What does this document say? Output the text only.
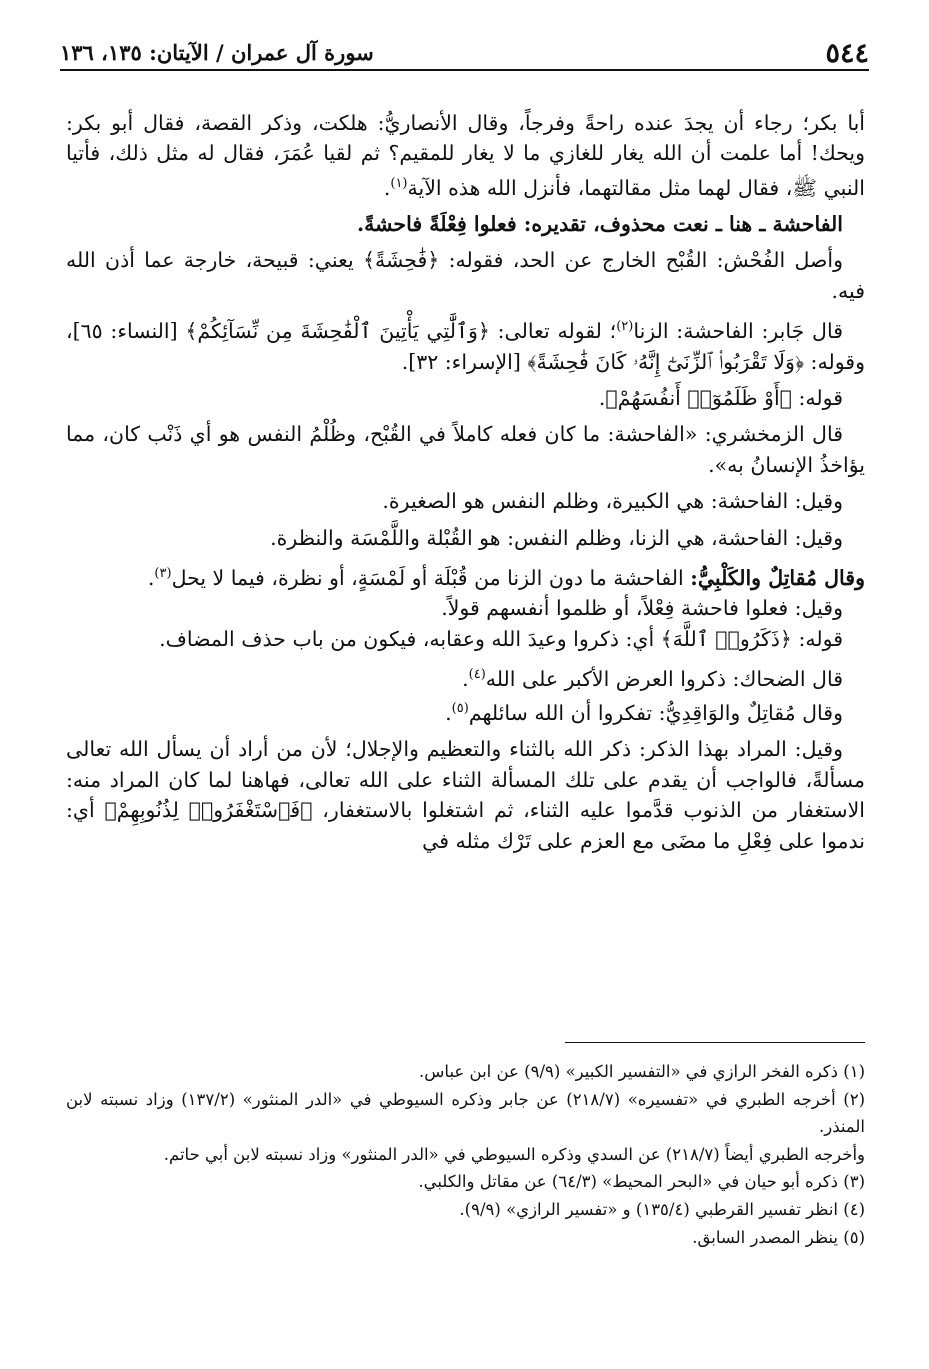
٥٤٤
سورة آل عمران / الآيتان: ١٣٥، ١٣٦

أبا بكر؛ رجاء أن يجدَ عنده راحةً وفرجاً، وقال الأنصاريُّ: هلكت، وذكر القصة، فقال أبو بكر: ويحك! أما علمت أن الله يغار للغازي ما لا يغار للمقيم؟ ثم لقيا عُمَرَ، فقال له مثل ذلك، فأتيا النبي ﷺ، فقال لهما مثل مقالتهما، فأنزل الله هذه الآية$^{(١)}$.

الفاحشة ـ هنا ـ نعت محذوف، تقديره: فعلوا فِعْلَةً فاحشةً.

وأصل الفُحْش: القُبْح الخارج عن الحد، فقوله: ﴿فَٰحِشَةً﴾ يعني: قبيحة، خارجة عما أذن الله فيه.

قال جَابر: الفاحشة: الزنا$^{(٢)}$؛ لقوله تعالى: ﴿وَٱلَّٰتِي يَأْتِينَ ٱلْفَٰحِشَةَ مِن نِّسَآئِكُمْ﴾ [النساء: ٦٥]، وقوله: ﴿وَلَا تَقْرَبُوا۟ ٱلزِّنَىٰٓ إِنَّهُۥ كَانَ فَٰحِشَةً﴾ [الإسراء: ٣٢].

قوله: ﴿أَوْ ظَلَمُوٓا۟ أَنفُسَهُمْ﴾.

قال الزمخشري: «الفاحشة: ما كان فعله كاملاً في القُبْح، وظُلْمُ النفس هو أي ذَنْب كان، مما يؤاخذُ الإنسانُ به».

وقيل: الفاحشة: هي الكبيرة، وظلم النفس هو الصغيرة.

وقيل: الفاحشة، هي الزنا، وظلم النفس: هو القُبْلة واللَّمْسَة والنظرة.

وقال مُقاتِلٌ والكَلْبِيُّ: الفاحشة ما دون الزنا من قُبْلَة أو لَمْسَةٍ، أو نظرة، فيما لا يحل$^{(٣)}$.

وقيل: فعلوا فاحشة فِعْلاً، أو ظلموا أنفسهم قولاً.

قوله: ﴿ذَكَرُوا۟ ٱللَّهَ﴾ أي: ذكروا وعيدَ الله وعقابه، فيكون من باب حذف المضاف.

قال الضحاك: ذكروا العرض الأكبر على الله$^{(٤)}$.

وقال مُقاتِلٌ والوَاقِدِيُّ: تفكروا أن الله سائلهم$^{(٥)}$.

وقيل: المراد بهذا الذكر: ذكر الله بالثناء والتعظيم والإجلال؛ لأن من أراد أن يسأل الله تعالى مسألةً، فالواجب أن يقدم على تلك المسألة الثناء على الله تعالى، فهاهنا لما كان المراد منه: الاستغفار من الذنوب قدَّموا عليه الثناء، ثم اشتغلوا بالاستغفار، ﴿فَٱسْتَغْفَرُوا۟ لِذُنُوبِهِمْ﴾ أي: ندموا على فِعْلِ ما مضَى مع العزم على تَرْك مثله في

(١) ذكره الفخر الرازي في «التفسير الكبير» (٩/٩) عن ابن عباس.

(٢) أخرجه الطبري في «تفسيره» (٢١٨/٧) عن جابر وذكره السيوطي في «الدر المنثور» (١٣٧/٢) وزاد نسبته لابن المنذر.

وأخرجه الطبري أيضاً (٢١٨/٧) عن السدي وذكره السيوطي في «الدر المنثور» وزاد نسبته لابن أبي حاتم.

(٣) ذكره أبو حيان في «البحر المحيط» (٦٤/٣) عن مقاتل والكلبي.

(٤) انظر تفسير القرطبي (١٣٥/٤) و «تفسير الرازي» (٩/٩).

(٥) ينظر المصدر السابق.
